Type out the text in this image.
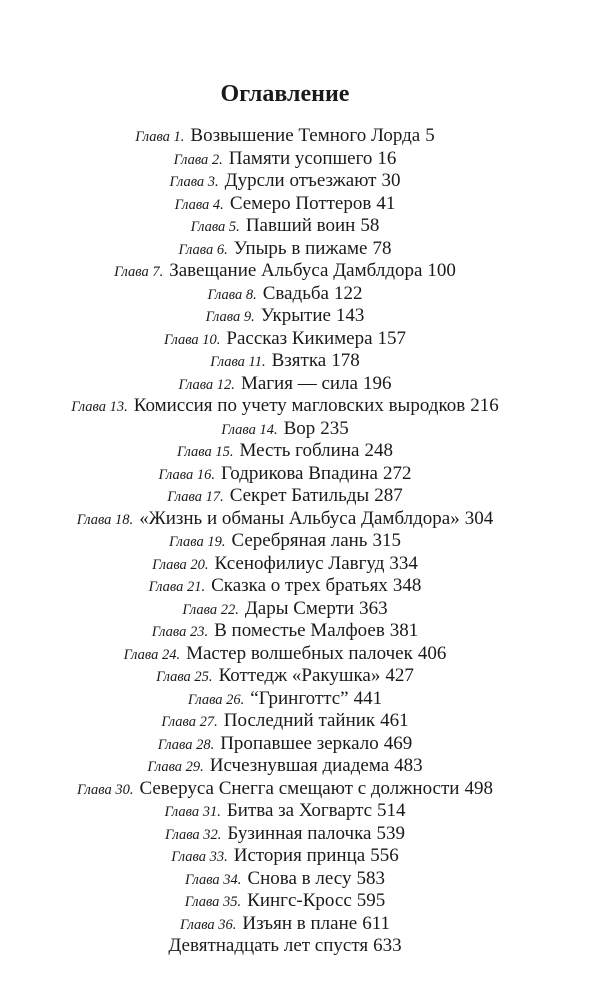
Оглавление
Глава 1. Возвышение Темного Лорда 5
Глава 2. Памяти усопшего 16
Глава 3. Дурсли отъезжают 30
Глава 4. Семеро Поттеров 41
Глава 5. Павший воин 58
Глава 6. Упырь в пижаме 78
Глава 7. Завещание Альбуса Дамблдора 100
Глава 8. Свадьба 122
Глава 9. Укрытие 143
Глава 10. Рассказ Кикимера 157
Глава 11. Взятка 178
Глава 12. Магия — сила 196
Глава 13. Комиссия по учету магловских выродков 216
Глава 14. Вор 235
Глава 15. Месть гоблина 248
Глава 16. Годрикова Впадина 272
Глава 17. Секрет Батильды 287
Глава 18. «Жизнь и обманы Альбуса Дамблдора» 304
Глава 19. Серебряная лань 315
Глава 20. Ксенофилиус Лавгуд 334
Глава 21. Сказка о трех братьях 348
Глава 22. Дары Смерти 363
Глава 23. В поместье Малфоев 381
Глава 24. Мастер волшебных палочек 406
Глава 25. Коттедж «Ракушка» 427
Глава 26. “Гринготтс” 441
Глава 27. Последний тайник 461
Глава 28. Пропавшее зеркало 469
Глава 29. Исчезнувшая диадема 483
Глава 30. Северуса Снегга смещают с должности 498
Глава 31. Битва за Хогвартс 514
Глава 32. Бузинная палочка 539
Глава 33. История принца 556
Глава 34. Снова в лесу 583
Глава 35. Кингс-Кросс 595
Глава 36. Изъян в плане 611
Девятнадцать лет спустя 633
